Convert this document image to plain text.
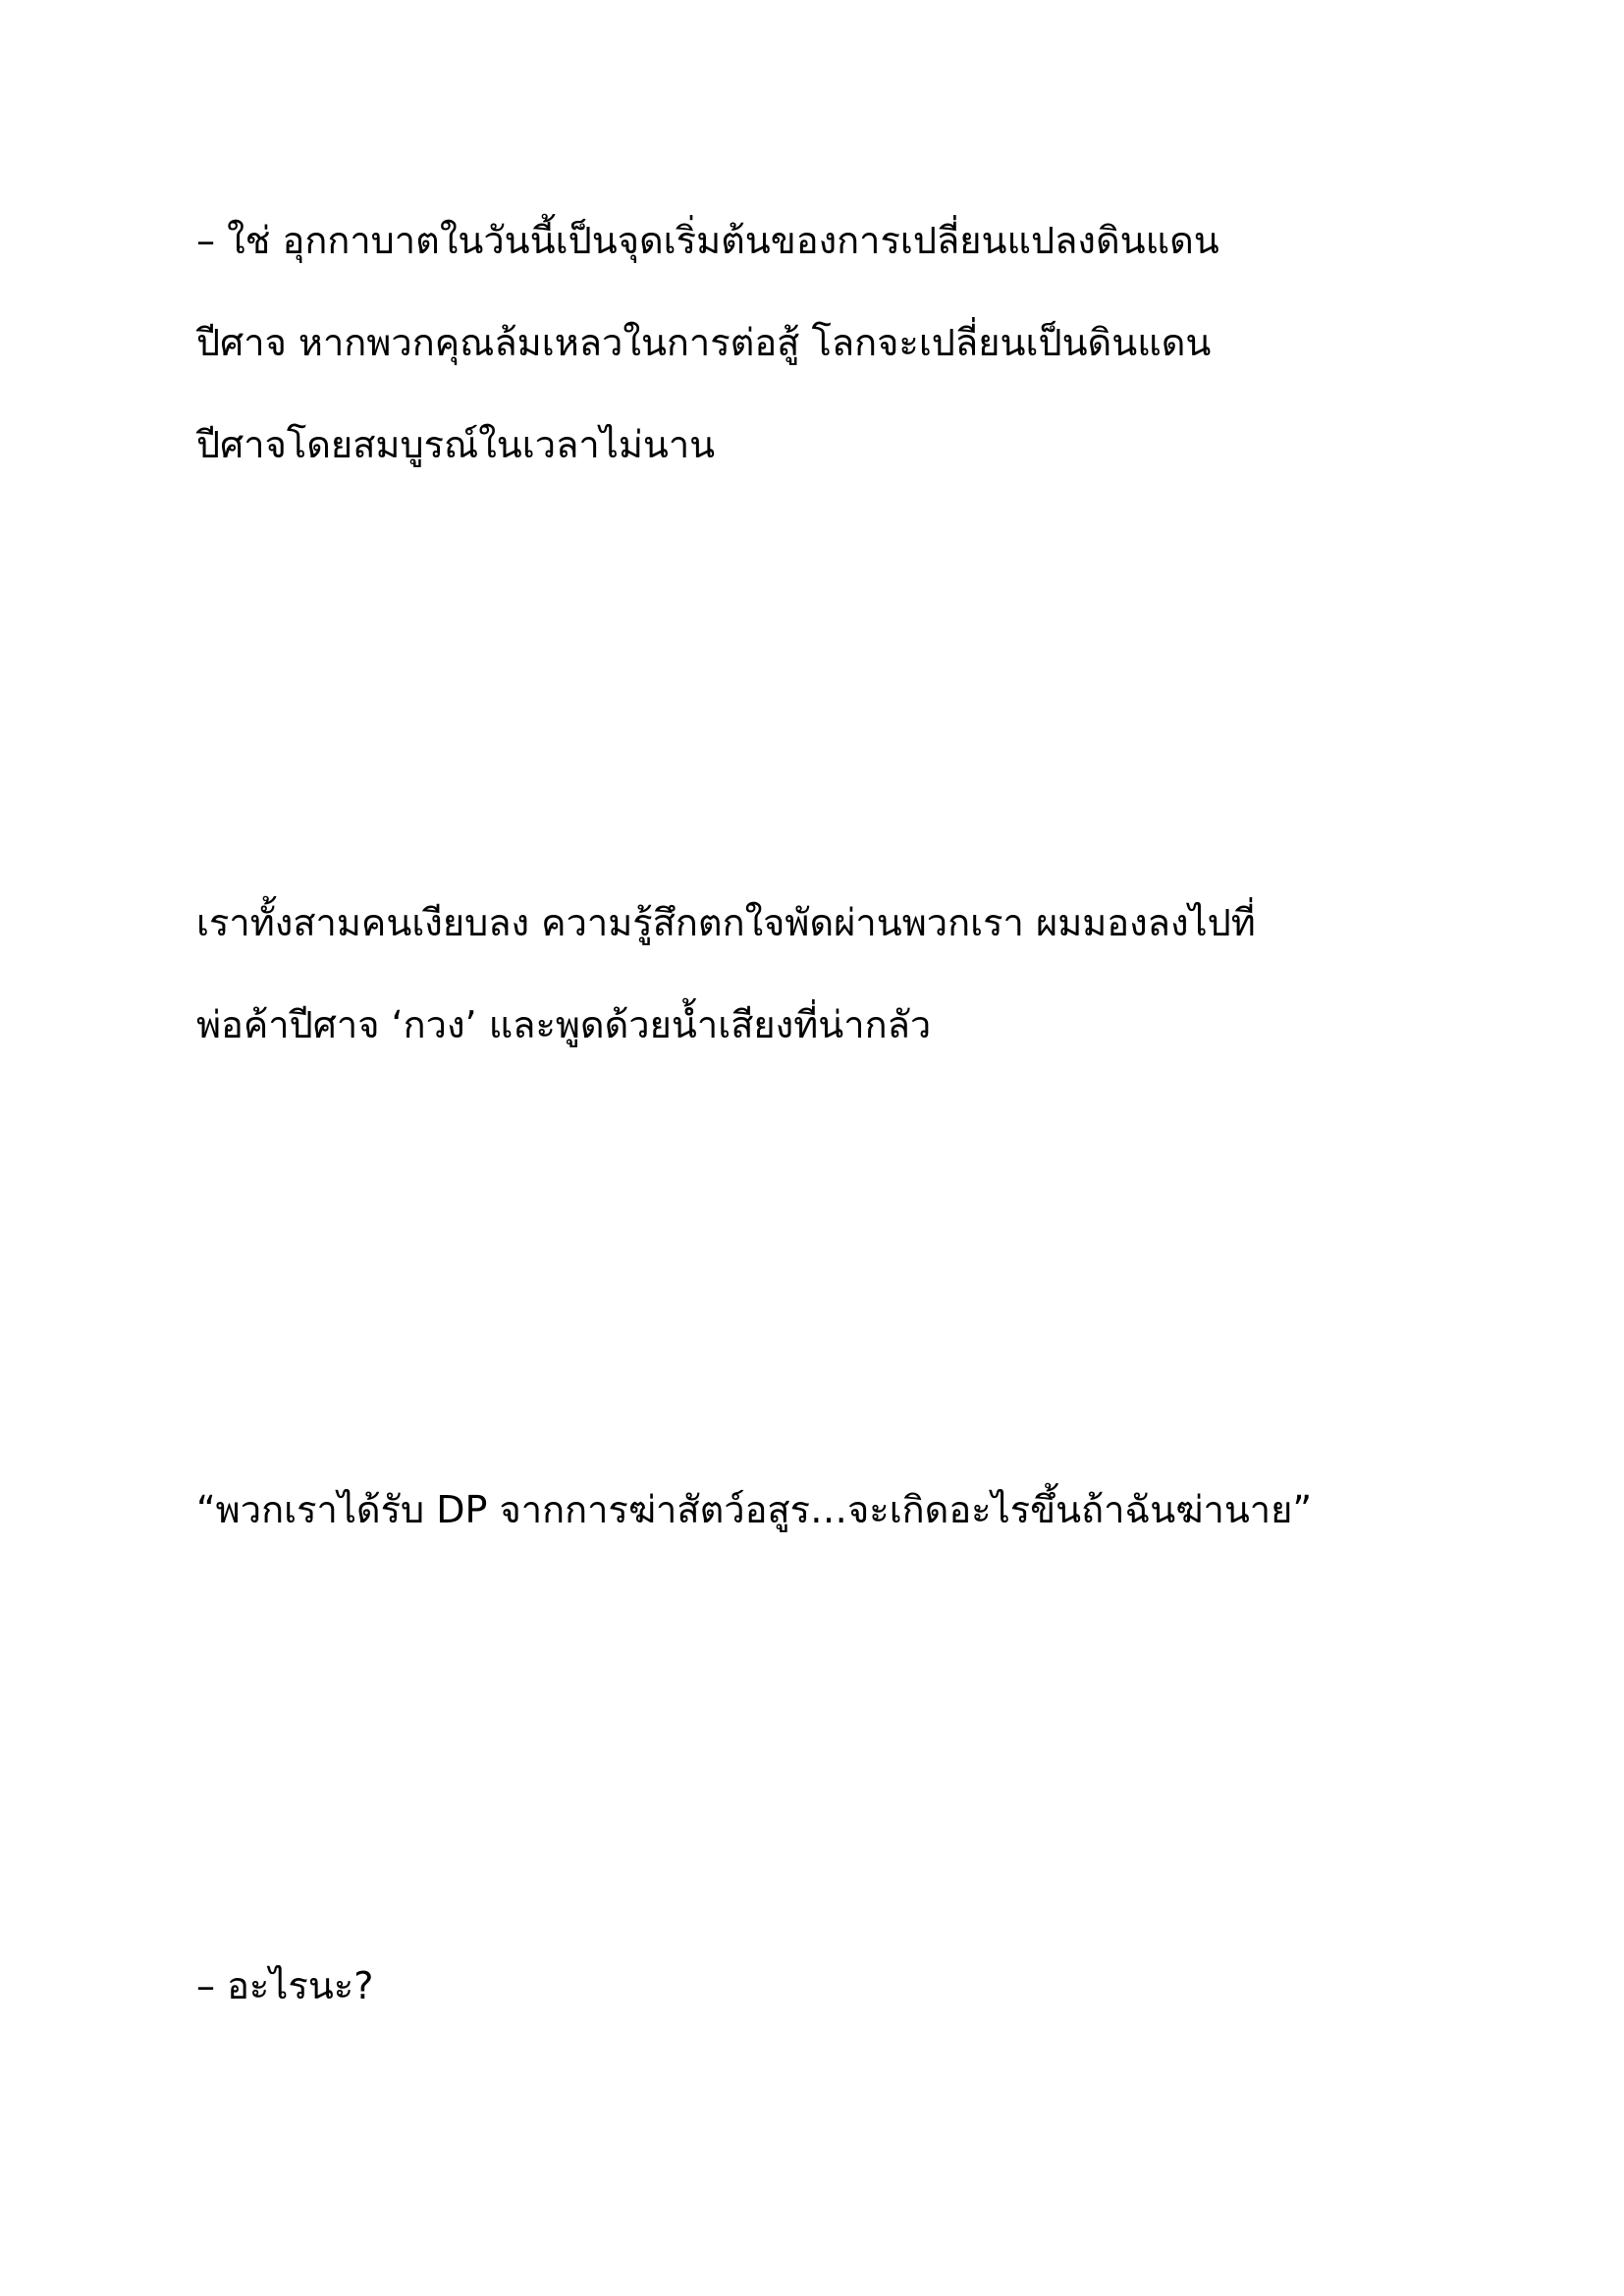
– ใช่ อุกกาบาตในวันนี้เป็นจุดเริ่มต้นของการเปลี่ยนแปลงดินแดน
ปีศาจ หากพวกคุณล้มเหลวในการต่อสู้ โลกจะเปลี่ยนเป็นดินแดน
ปีศาจโดยสมบูรณ์ในเวลาไม่นาน

เราทั้งสามคนเงียบลง ความรู้สึกตกใจพัดผ่านพวกเรา ผมมองลงไปที่
พ่อค้าปีศาจ ‘กวง’ และพูดด้วยน้ำเสียงที่น่ากลัว

“พวกเราได้รับ DP จากการฆ่าสัตว์อสูร…จะเกิดอะไรขึ้นถ้าฉันฆ่านาย”

– อะไรนะ?
